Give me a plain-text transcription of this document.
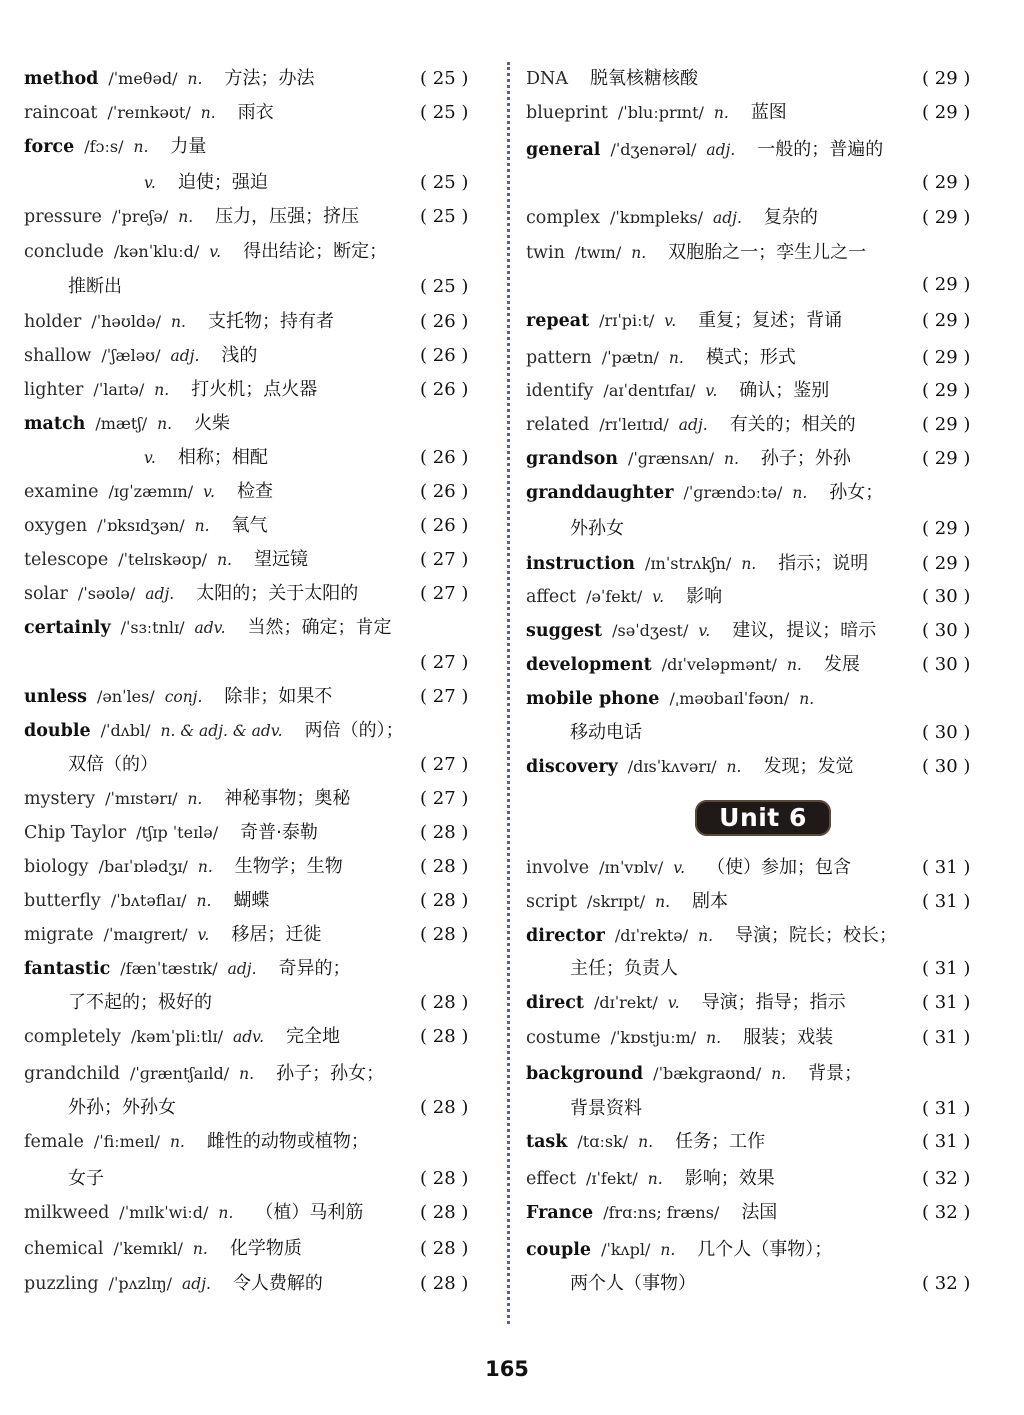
method /ˈmeθəd/ n. 方法；办法	( 25 )
raincoat /ˈreɪnkəʊt/ n. 雨衣	( 25 )
force /fɔːs/ n. 力量
v. 迫使；强迫	( 25 )
pressure /ˈpreʃə/ n. 压力，压强；挤压	( 25 )
conclude /kənˈkluːd/ v. 得出结论；断定；
推断出	( 25 )
holder /ˈhəʊldə/ n. 支托物；持有者	( 26 )
shallow /ˈʃæləʊ/ adj. 浅的	( 26 )
lighter /ˈlaɪtə/ n. 打火机；点火器	( 26 )
match /mætʃ/ n. 火柴
v. 相称；相配	( 26 )
examine /ɪɡˈzæmɪn/ v. 检查	( 26 )
oxygen /ˈɒksɪdʒən/ n. 氧气	( 26 )
telescope /ˈtelɪskəʊp/ n. 望远镜	( 27 )
solar /ˈsəʊlə/ adj. 太阳的；关于太阳的	( 27 )
certainly /ˈsɜːtnlɪ/ adv. 当然；确定；肯定
( 27 )
unless /ənˈles/ conj. 除非；如果不	( 27 )
double /ˈdʌbl/ n. & adj. & adv. 两倍（的）；
双倍（的）	( 27 )
mystery /ˈmɪstərɪ/ n. 神秘事物；奥秘	( 27 )
Chip Taylor /tʃɪp ˈteɪlə/ 奇普·泰勒	( 28 )
biology /baɪˈɒlədʒɪ/ n. 生物学；生物	( 28 )
butterfly /ˈbʌtəflaɪ/ n. 蝴蝶	( 28 )
migrate /ˈmaɪɡreɪt/ v. 移居；迁徙	( 28 )
fantastic /fænˈtæstɪk/ adj. 奇异的；
了不起的；极好的	( 28 )
completely /kəmˈpliːtlɪ/ adv. 完全地	( 28 )
grandchild /ˈɡræntʃaɪld/ n. 孙子；孙女；
外孙；外孙女	( 28 )
female /ˈfiːmeɪl/ n. 雌性的动物或植物；
女子	( 28 )
milkweed /ˈmɪlkˈwiːd/ n. （植）马利筋	( 28 )
chemical /ˈkemɪkl/ n. 化学物质	( 28 )
puzzling /ˈpʌzlɪŋ/ adj. 令人费解的	( 28 )
DNA 脱氧核糖核酸	( 29 )
blueprint /ˈbluːprɪnt/ n. 蓝图	( 29 )
general /ˈdʒenərəl/ adj. 一般的；普遍的
( 29 )
complex /ˈkɒmpleks/ adj. 复杂的	( 29 )
twin /twɪn/ n. 双胞胎之一；孪生儿之一
( 29 )
repeat /rɪˈpiːt/ v. 重复；复述；背诵	( 29 )
pattern /ˈpætn/ n. 模式；形式	( 29 )
identify /aɪˈdentɪfaɪ/ v. 确认；鉴别	( 29 )
related /rɪˈleɪtɪd/ adj. 有关的；相关的	( 29 )
grandson /ˈɡrænsʌn/ n. 孙子；外孙	( 29 )
granddaughter /ˈɡrændɔːtə/ n. 孙女；
外孙女	( 29 )
instruction /ɪnˈstrʌkʃn/ n. 指示；说明	( 29 )
affect /əˈfekt/ v. 影响	( 30 )
suggest /səˈdʒest/ v. 建议，提议；暗示	( 30 )
development /dɪˈveləpmənt/ n. 发展	( 30 )
mobile phone /ˌməʊbaɪlˈfəʊn/ n.
移动电话	( 30 )
discovery /dɪsˈkʌvərɪ/ n. 发现；发觉	( 30 )
involve /ɪnˈvɒlv/ v. （使）参加；包含	( 31 )
script /skrɪpt/ n. 剧本	( 31 )
director /dɪˈrektə/ n. 导演；院长；校长；
主任；负责人	( 31 )
direct /dɪˈrekt/ v. 导演；指导；指示	( 31 )
costume /ˈkɒstjuːm/ n. 服装；戏装	( 31 )
background /ˈbækɡraʊnd/ n. 背景；
背景资料	( 31 )
task /tɑːsk/ n. 任务；工作	( 31 )
effect /ɪˈfekt/ n. 影响；效果	( 32 )
France /frɑːns; fræns/ 法国	( 32 )
couple /ˈkʌpl/ n. 几个人（事物）；
两个人（事物）	( 32 )
Unit 6
165
